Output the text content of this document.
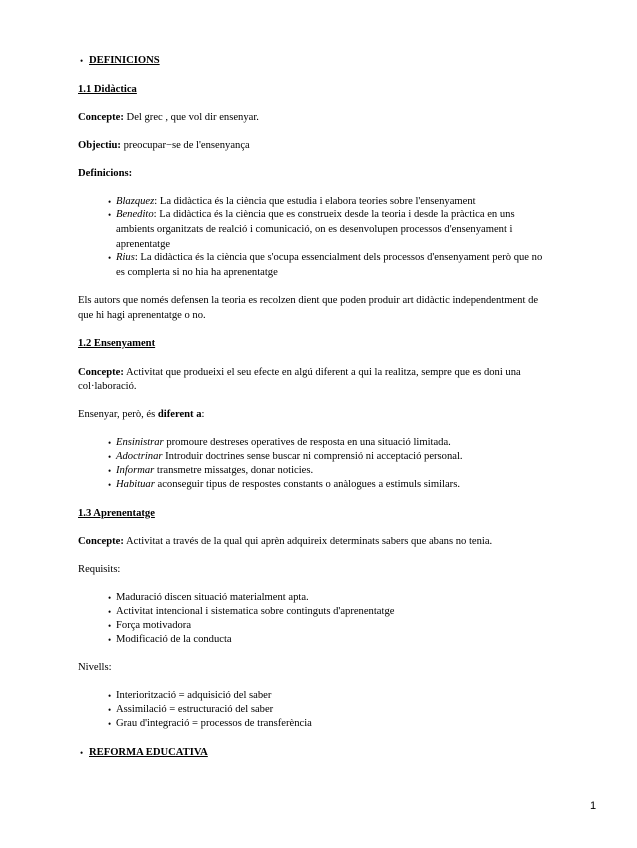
• DEFINICIONS
1.1 Didàctica
Concepte: Del grec , que vol dir ensenyar.
Objectiu: preocupar−se de l'ensenyança
Definicions:
• Blazquez: La didàctica és la ciència que estudia i elabora teories sobre l'ensenyament
• Benedito: La didàctica és la ciència que es construeix desde la teoria i desde la pràctica en uns
ambients organitzats de realció i comunicació, on es desenvolupen processos d'ensenyament i
aprenentatge
• Rius: La didàctica és la ciència que s'ocupa essencialment dels processos d'ensenyament però que no
es complerta si no hia ha aprenentatge
Els autors que només defensen la teoria es recolzen dient que poden produir art didàctic independentment de
que hi hagi aprenentatge o no.
1.2 Ensenyament
Concepte: Activitat que produeixi el seu efecte en algú diferent a qui la realitza, sempre que es doni una
col·laboració.
Ensenyar, però, és diferent a:
• Ensinistrar promoure destreses operatives de resposta en una situació limitada.
• Adoctrinar Introduir doctrines sense buscar ni comprensió ni acceptació personal.
• Informar transmetre missatges, donar noticies.
• Habituar aconseguir tipus de respostes constants o anàlogues a estimuls similars.
1.3 Aprenentatge
Concepte: Activitat a través de la qual qui aprèn adquireix determinats sabers que abans no tenia.
Requisits:
• Maduració discen situació materialment apta.
• Activitat intencional i sistematica sobre continguts d'aprenentatge
• Força motivadora
• Modificació de la conducta
Nivells:
• Interiorització = adquisició del saber
• Assimilació = estructuració del saber
• Grau d'integració = processos de transferència
• REFORMA EDUCATIVA
1
